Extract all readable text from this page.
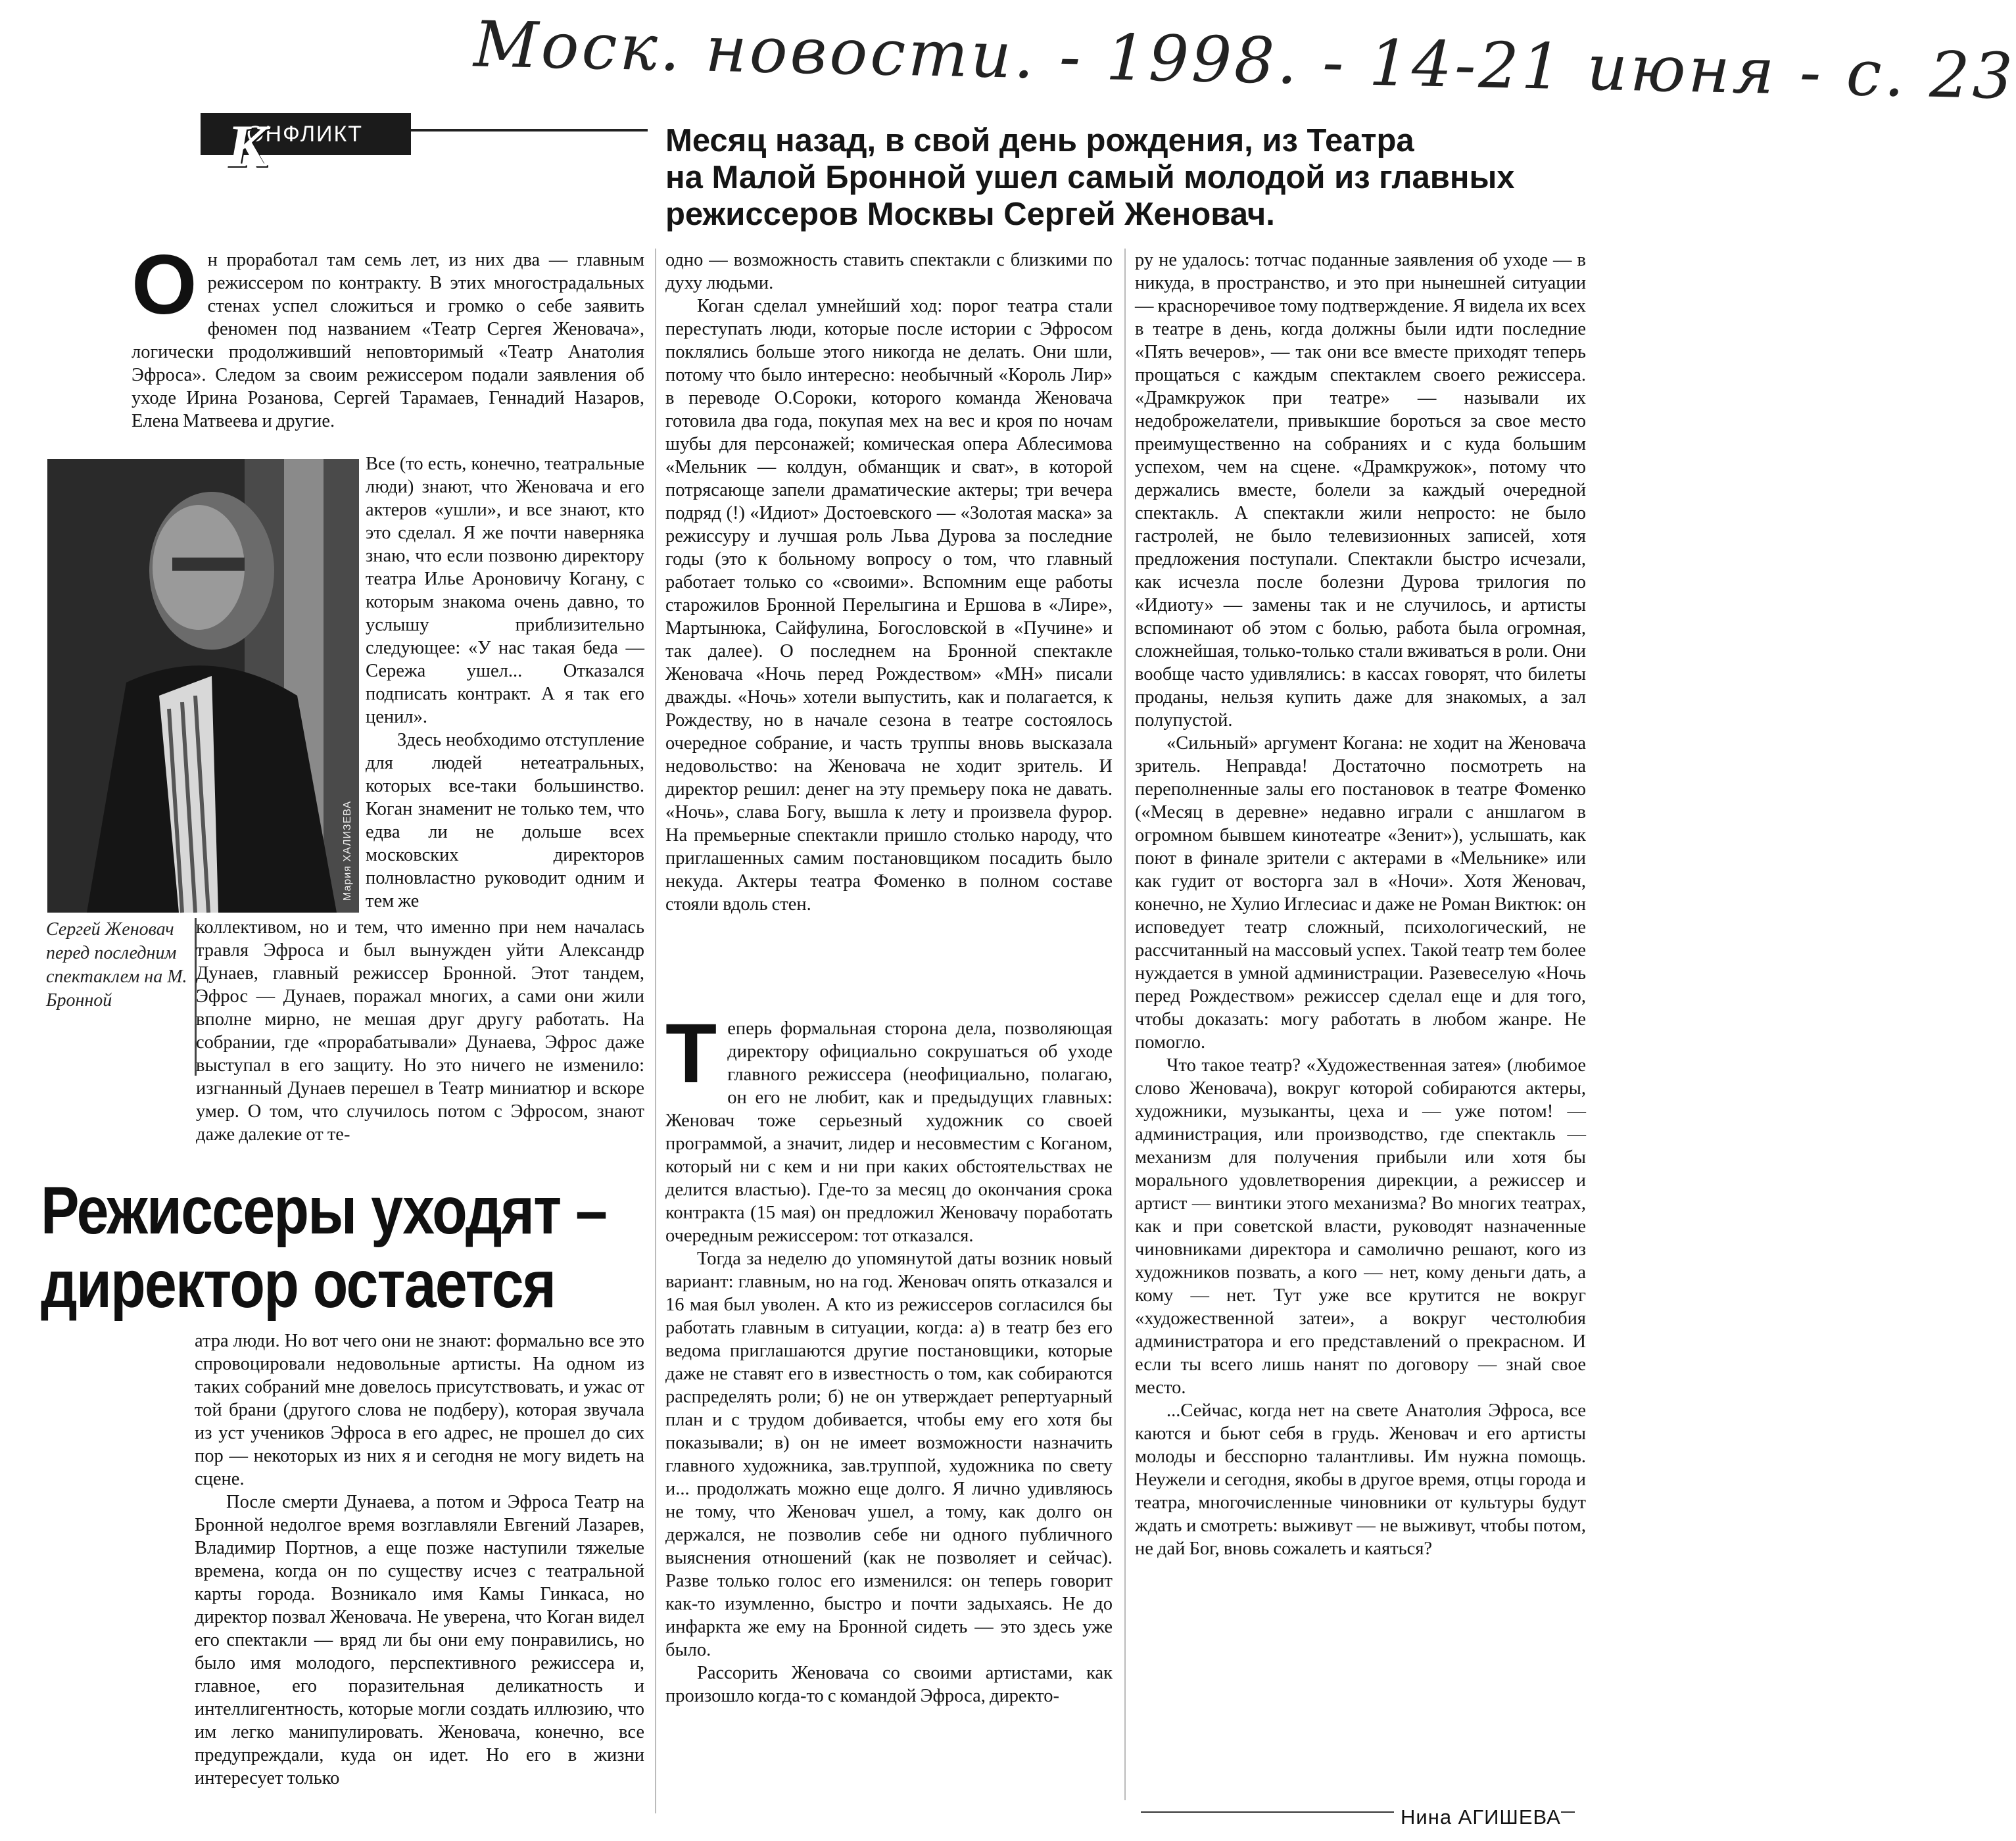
Моск. новости. - 1998. - 14-21 июня - с. 23
ОНФЛИКТ
К	Месяц назад, в свой день рождения, из Театра
на Малой Бронной ушел самый молодой из главных
режиссеров Москвы Сергей Женовач.
О н проработал там семь лет, из них два — главным режиссером по контракту. В этих многострадальных стенах успел сложиться и громко о себе заявить феномен под названием «Театр Сергея Женовача», логически продолживший неповторимый «Театр Анатолия Эфроса». Следом за своим режиссером подали заявления об уходе Ирина Розанова, Сергей Тарамаев, Геннадий Назаров, Елена Матвеева и другие.

Мария ХАЛИЗЕВА

Все (то есть, конечно, театральные люди) знают, что Женовача и его актеров «ушли», и все знают, кто это сделал. Я же почти наверняка знаю, что если позвоню директору театра Илье Ароновичу Когану, с которым знакома очень давно, то услышу приблизительно следующее: «У нас такая беда — Сережа ушел... Отказался подписать контракт. А я так его ценил».

Здесь необходимо отступление для людей нетеатральных, которых все-таки большинство. Коган знаменит не только тем, что едва ли не дольше всех московских директоров полновластно руководит одним и тем же

Сергей Женовач перед последним спектаклем на М. Бронной

коллективом, но и тем, что именно при нем началась травля Эфроса и был вынужден уйти Александр Дунаев, главный режиссер Бронной. Этот тандем, Эфрос — Дунаев, поражал многих, а сами они жили вполне мирно, не мешая друг другу работать. На собрании, где «прорабатывали» Дунаева, Эфрос даже выступал в его защиту. Но это ничего не изменило: изгнанный Дунаев перешел в Театр миниатюр и вскоре умер. О том, что случилось потом с Эфросом, знают даже далекие от те-

Режиссеры уходят –
директор остается

атра люди. Но вот чего они не знают: формально все это спровоцировали недовольные артисты. На одном из таких собраний мне довелось присутствовать, и ужас от той брани (другого слова не подберу), которая звучала из уст учеников Эфроса в его адрес, не прошел до сих пор — некоторых из них я и сегодня не могу видеть на сцене.

После смерти Дунаева, а потом и Эфроса Театр на Бронной недолгое время возглавляли Евгений Лазарев, Владимир Портнов, а еще позже наступили тяжелые времена, когда он по существу исчез с театральной карты города. Возникало имя Камы Гинкаса, но директор позвал Женовача. Не уверена, что Коган видел его спектакли — вряд ли бы они ему понравились, но было имя молодого, перспективного режиссера и, главное, его поразительная деликатность и интеллигентность, которые могли создать иллюзию, что им легко манипулировать. Женовача, конечно, все предупреждали, куда он идет. Но его в жизни интересует только

одно — возможность ставить спектакли с близкими по духу людьми.

Коган сделал умнейший ход: порог театра стали переступать люди, которые после истории с Эфросом поклялись больше этого никогда не делать. Они шли, потому что было интересно: необычный «Король Лир» в переводе О.Сороки, которого команда Женовача готовила два года, покупая мех на вес и кроя по ночам шубы для персонажей; комическая опера Аблесимова «Мельник — колдун, обманщик и сват», в которой потрясающе запели драматические актеры; три вечера подряд (!) «Идиот» Достоевского — «Золотая маска» за режиссуру и лучшая роль Льва Дурова за последние годы (это к больному вопросу о том, что главный работает только со «своими». Вспомним еще работы старожилов Бронной Перелыгина и Ершова в «Лире», Мартынюка, Сайфулина, Богословской в «Пучине» и так далее). О последнем на Бронной спектакле Женовача «Ночь перед Рождеством» «МН» писали дважды. «Ночь» хотели выпустить, как и полагается, к Рождеству, но в начале сезона в театре состоялось очередное собрание, и часть труппы вновь высказала недовольство: на Женовача не ходит зритель. И директор решил: денег на эту премьеру пока не давать. «Ночь», слава Богу, вышла к лету и произвела фурор. На премьерные спектакли пришло столько народу, что приглашенных самим постановщиком посадить было некуда. Актеры театра Фоменко в полном составе стояли вдоль стен.

Т еперь формальная сторона дела, позволяющая директору официально сокрушаться об уходе главного режиссера (неофициально, полагаю, он его не любит, как и предыдущих главных: Женовач тоже серьезный художник со своей программой, а значит, лидер и несовместим с Коганом, который ни с кем и ни при каких обстоятельствах не делится властью). Где-то за месяц до окончания срока контракта (15 мая) он предложил Женовачу поработать очередным режиссером: тот отказался.

Тогда за неделю до упомянутой даты возник новый вариант: главным, но на год. Женовач опять отказался и 16 мая был уволен. А кто из режиссеров согласился бы работать главным в ситуации, когда: а) в театр без его ведома приглашаются другие постановщики, которые даже не ставят его в известность о том, как собираются распределять роли; б) не он утверждает репертуарный план и с трудом добивается, чтобы ему его хотя бы показывали; в) он не имеет возможности назначить главного художника, зав.труппой, художника по свету и... продолжать можно еще долго. Я лично удивляюсь не тому, что Женовач ушел, а тому, как долго он держался, не позволив себе ни одного публичного выяснения отношений (как не позволяет и сейчас). Разве только голос его изменился: он теперь говорит как-то изумленно, быстро и почти задыхаясь. Не до инфаркта же ему на Бронной сидеть — это здесь уже было.

Рассорить Женовача со своими артистами, как произошло когда-то с командой Эфроса, директо-

ру не удалось: тотчас поданные заявления об уходе — в никуда, в пространство, и это при нынешней ситуации — красноречивое тому подтверждение. Я видела их всех в театре в день, когда должны были идти последние «Пять вечеров», — так они все вместе приходят теперь прощаться с каждым спектаклем своего режиссера. «Драмкружок при театре» — называли их недоброжелатели, привыкшие бороться за свое место преимущественно на собраниях и с куда большим успехом, чем на сцене. «Драмкружок», потому что держались вместе, болели за каждый очередной спектакль. А спектакли жили непросто: не было гастролей, не было телевизионных записей, хотя предложения поступали. Спектакли быстро исчезали, как исчезла после болезни Дурова трилогия по «Идиоту» — замены так и не случилось, и артисты вспоминают об этом с болью, работа была огромная, сложнейшая, только-только стали вживаться в роли. Они вообще часто удивлялись: в кассах говорят, что билеты проданы, нельзя купить даже для знакомых, а зал полупустой.

«Сильный» аргумент Когана: не ходит на Женовача зритель. Неправда! Достаточно посмотреть на переполненные залы его постановок в театре Фоменко («Месяц в деревне» недавно играли с аншлагом в огромном бывшем кинотеатре «Зенит»), услышать, как поют в финале зрители с актерами в «Мельнике» или как гудит от восторга зал в «Ночи». Хотя Женовач, конечно, не Хулио Иглесиас и даже не Роман Виктюк: он исповедует театр сложный, психологический, не рассчитанный на массовый успех. Такой театр тем более нуждается в умной администрации. Разевеселую «Ночь перед Рождеством» режиссер сделал еще и для того, чтобы доказать: могу работать в любом жанре. Не помогло.

Что такое театр? «Художественная затея» (любимое слово Женовача), вокруг которой собираются актеры, художники, музыканты, цеха и — уже потом! — администрация, или производство, где спектакль — механизм для получения прибыли или хотя бы морального удовлетворения дирекции, а режиссер и артист — винтики этого механизма? Во многих театрах, как и при советской власти, руководят назначенные чиновниками директора и самолично решают, кого из художников позвать, а кого — нет, кому деньги дать, а кому — нет. Тут уже все крутится не вокруг «художественной затеи», а вокруг честолюбия администратора и его представлений о прекрасном. И если ты всего лишь нанят по договору — знай свое место.

...Сейчас, когда нет на свете Анатолия Эфроса, все каются и бьют себя в грудь. Женовач и его артисты молоды и бесспорно талантливы. Им нужна помощь. Неужели и сегодня, якобы в другое время, отцы города и театра, многочисленные чиновники от культуры будут ждать и смотреть: выживут — не выживут, чтобы потом, не дай Бог, вновь сожалеть и каяться?

Нина АГИШЕВА
